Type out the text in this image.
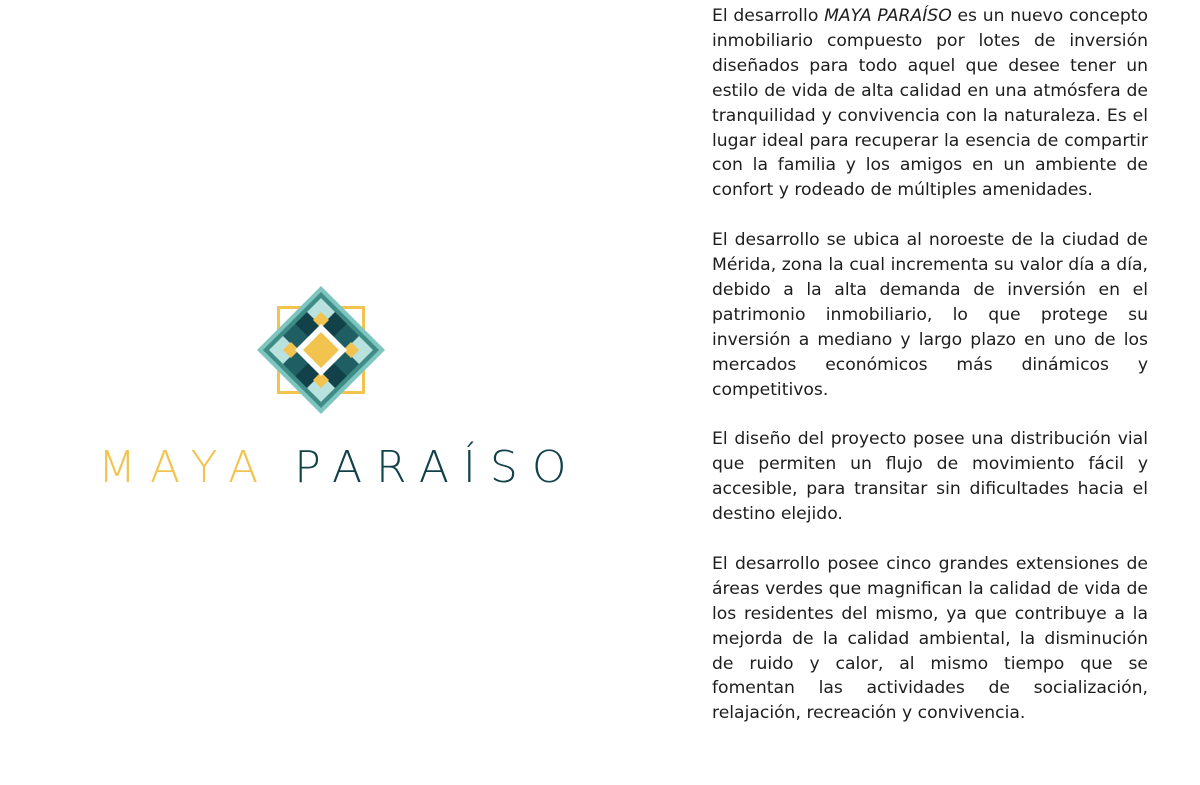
MAYA PARAÍSO

El desarrollo MAYA PARAÍSO es un nuevo concepto inmobiliario compuesto por lotes de inversión diseñados para todo aquel que desee tener un estilo de vida de alta calidad en una atmósfera de tranquilidad y convivencia con la naturaleza. Es el lugar ideal para recuperar la esencia de compartir con la familia y los amigos en un ambiente de confort y rodeado de múltiples amenidades.

El desarrollo se ubica al noroeste de la ciudad de Mérida, zona la cual incrementa su valor día a día, debido a la alta demanda de inversión en el patrimonio inmobiliario, lo que protege su inversión a mediano y largo plazo en uno de los mercados económicos más dinámicos y competitivos.

El diseño del proyecto posee una distribución vial que permiten un flujo de movimiento fácil y accesible, para transitar sin dificultades hacia el destino elejido.

El desarrollo posee cinco grandes extensiones de áreas verdes que magnifican la calidad de vida de los residentes del mismo, ya que contribuye a la mejorda de la calidad ambiental, la disminución de ruido y calor, al mismo tiempo que se fomentan las actividades de socialización, relajación, recreación y convivencia.
